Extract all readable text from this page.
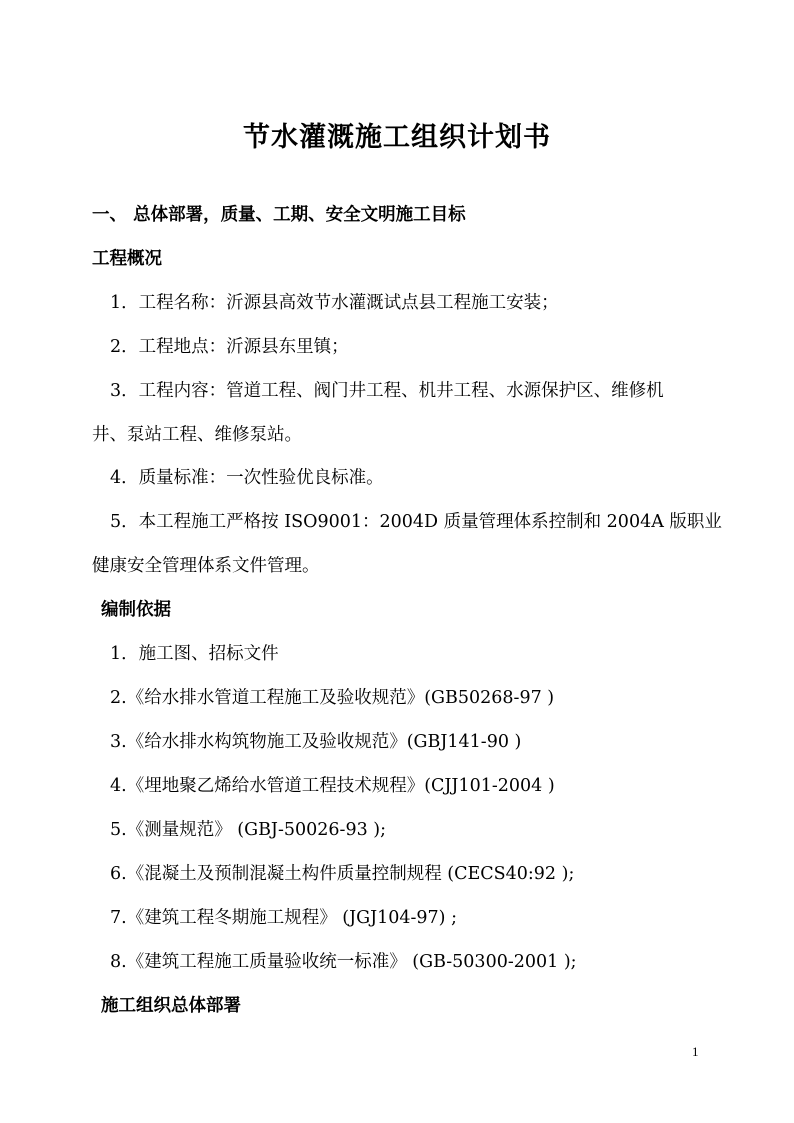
节水灌溉施工组织计划书
一、 总体部署，质量、工期、安全文明施工目标
工程概况
1．工程名称：沂源县高效节水灌溉试点县工程施工安装；
2．工程地点：沂源县东里镇；
3．工程内容：管道工程、阀门井工程、机井工程、水源保护区、维修机
井、泵站工程、维修泵站。
4．质量标准：一次性验优良标准。
5．本工程施工严格按 ISO9001：2004D 质量管理体系控制和 2004A 版职业
健康安全管理体系文件管理。
编制依据
1．施工图、招标文件
2.《给水排水管道工程施工及验收规范》(GB50268-97 )
3.《给水排水构筑物施工及验收规范》(GBJ141-90 )
4.《埋地聚乙烯给水管道工程技术规程》(CJJ101-2004 )
5.《测量规范》 (GBJ-50026-93 );
6.《混凝土及预制混凝土构件质量控制规程 (CECS40:92 );
7.《建筑工程冬期施工规程》 (JGJ104-97) ;
8.《建筑工程施工质量验收统一标准》 (GB-50300-2001 );
施工组织总体部署
1
